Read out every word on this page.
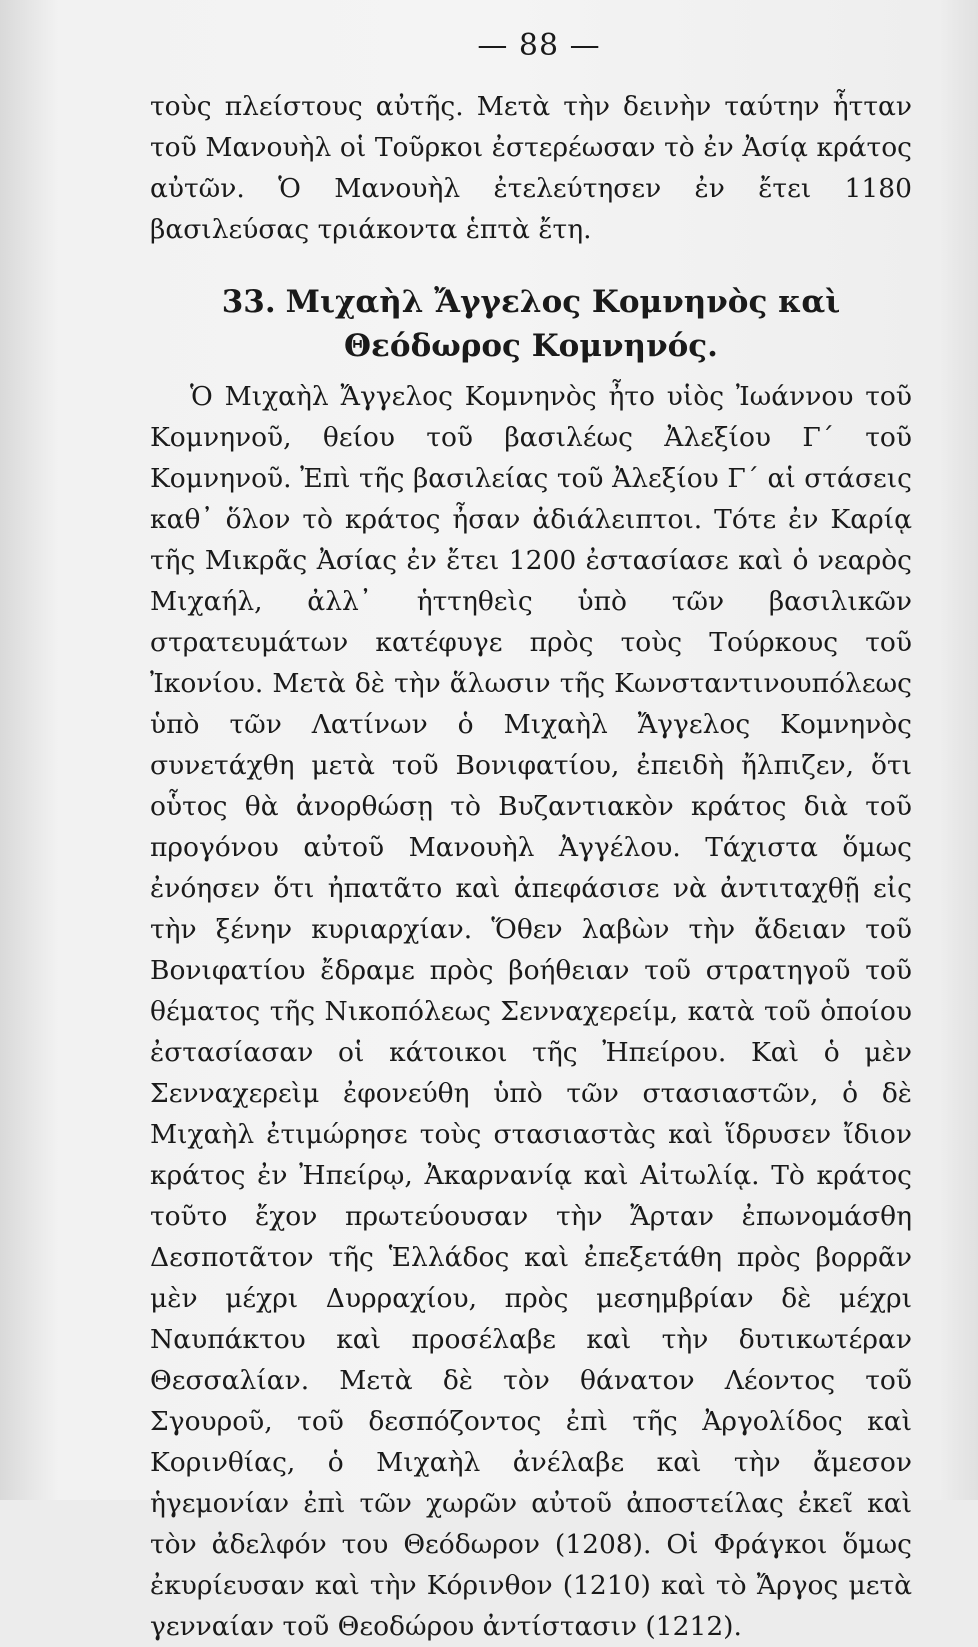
— 88 —

τοὺς πλείστους αὐτῆς. Μετὰ τὴν δεινὴν ταύτην ἧτταν τοῦ Μανουὴλ οἱ Τοῦρκοι ἐστερέωσαν τὸ ἐν Ἀσίᾳ κράτος αὐτῶν. Ὁ Μανουὴλ ἐτελεύτησεν ἐν ἔτει 1180 βασιλεύσας τριάκοντα ἑπτὰ ἔτη.

33. Μιχαὴλ Ἄγγελος Κομνηνὸς καὶ
Θεόδωρος Κομνηνός.

Ὁ Μιχαὴλ Ἄγγελος Κομνηνὸς ἦτο υἱὸς Ἰωάννου τοῦ Κομνηνοῦ, θείου τοῦ βασιλέως Ἀλεξίου Γ΄ τοῦ Κομνηνοῦ. Ἐπὶ τῆς βασιλείας τοῦ Ἀλεξίου Γ΄ αἱ στάσεις καθ᾿ ὅλον τὸ κράτος ἦσαν ἀδιάλειπτοι. Τότε ἐν Καρίᾳ τῆς Μικρᾶς Ἀσίας ἐν ἔτει 1200 ἐστασίασε καὶ ὁ νεαρὸς Μιχαήλ, ἀλλ᾿ ἡττηθεὶς ὑπὸ τῶν βασιλικῶν στρατευμάτων κατέφυγε πρὸς τοὺς Τούρκους τοῦ Ἰκονίου. Μετὰ δὲ τὴν ἅλωσιν τῆς Κωνσταντινουπόλεως ὑπὸ τῶν Λατίνων ὁ Μιχαὴλ Ἄγγελος Κομνηνὸς συνετάχθη μετὰ τοῦ Βονιφατίου, ἐπειδὴ ἤλπιζεν, ὅτι οὗτος θὰ ἀνορθώσῃ τὸ Βυζαντιακὸν κράτος διὰ τοῦ προγόνου αὐτοῦ Μανουὴλ Ἀγγέλου. Τάχιστα ὅμως ἐνόησεν ὅτι ἠπατᾶτο καὶ ἀπεφάσισε νὰ ἀντιταχθῇ εἰς τὴν ξένην κυριαρχίαν. Ὅθεν λαβὼν τὴν ἄδειαν τοῦ Βονιφατίου ἔδραμε πρὸς βοήθειαν τοῦ στρατηγοῦ τοῦ θέματος τῆς Νικοπόλεως Σενναχερείμ, κατὰ τοῦ ὁποίου ἐστασίασαν οἱ κάτοικοι τῆς Ἠπείρου. Καὶ ὁ μὲν Σενναχερεὶμ ἐφονεύθη ὑπὸ τῶν στασιαστῶν, ὁ δὲ Μιχαὴλ ἐτιμώρησε τοὺς στασιαστὰς καὶ ἵδρυσεν ἴδιον κράτος ἐν Ἠπείρῳ, Ἀκαρνανίᾳ καὶ Αἰτωλίᾳ. Τὸ κράτος τοῦτο ἔχον πρωτεύουσαν τὴν Ἄρταν ἐπωνομάσθη Δεσποτᾶτον τῆς Ἑλλάδος καὶ ἐπεξετάθη πρὸς βορρᾶν μὲν μέχρι Δυρραχίου, πρὸς μεσημβρίαν δὲ μέχρι Ναυπάκτου καὶ προσέλαβε καὶ τὴν δυτικωτέραν Θεσσαλίαν. Μετὰ δὲ τὸν θάνατον Λέοντος τοῦ Σγουροῦ, τοῦ δεσπόζοντος ἐπὶ τῆς Ἀργολίδος καὶ Κορινθίας, ὁ Μιχαὴλ ἀνέλαβε καὶ τὴν ἄμεσον ἡγεμονίαν ἐπὶ τῶν χωρῶν αὐτοῦ ἀποστείλας ἐκεῖ καὶ τὸν ἀδελφόν του Θεόδωρον (1208). Οἱ Φράγκοι ὅμως ἐκυρίευσαν καὶ τὴν Κόρινθον (1210) καὶ τὸ Ἄργος μετὰ γενναίαν τοῦ Θεοδώρου ἀντίστασιν (1212).
